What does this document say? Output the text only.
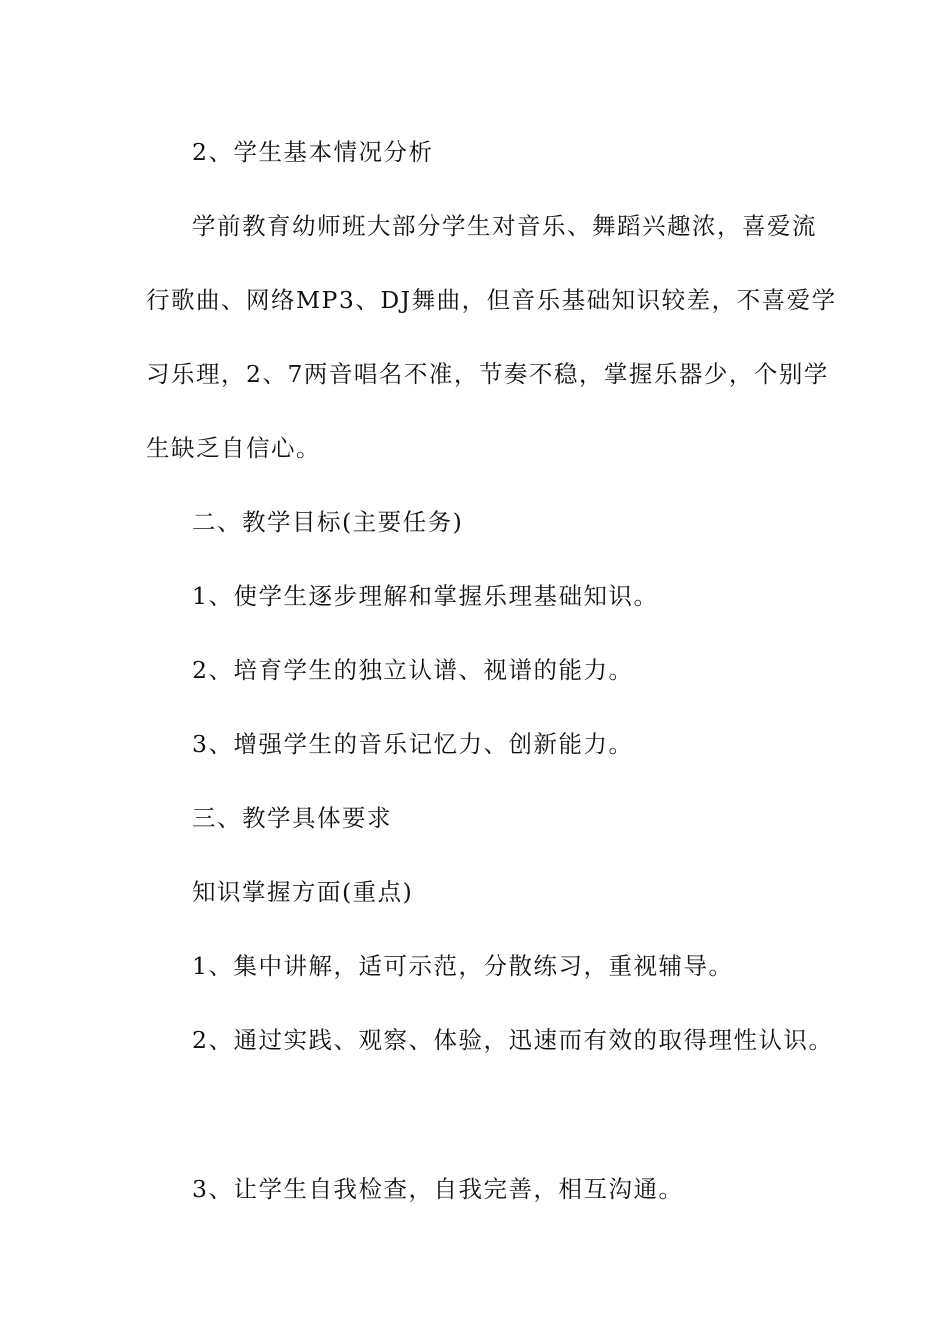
2、学生基本情况分析
学前教育幼师班大部分学生对音乐、舞蹈兴趣浓，喜爱流
行歌曲、网络MP3、DJ舞曲，但音乐基础知识较差，不喜爱学
习乐理，2、7两音唱名不准，节奏不稳，掌握乐器少，个别学
生缺乏自信心。
二、教学目标(主要任务)
1、使学生逐步理解和掌握乐理基础知识。
2、培育学生的独立认谱、视谱的能力。
3、增强学生的音乐记忆力、创新能力。
三、教学具体要求
知识掌握方面(重点)
1、集中讲解，适可示范，分散练习，重视辅导。
2、通过实践、观察、体验，迅速而有效的取得理性认识。
3、让学生自我检查，自我完善，相互沟通。
